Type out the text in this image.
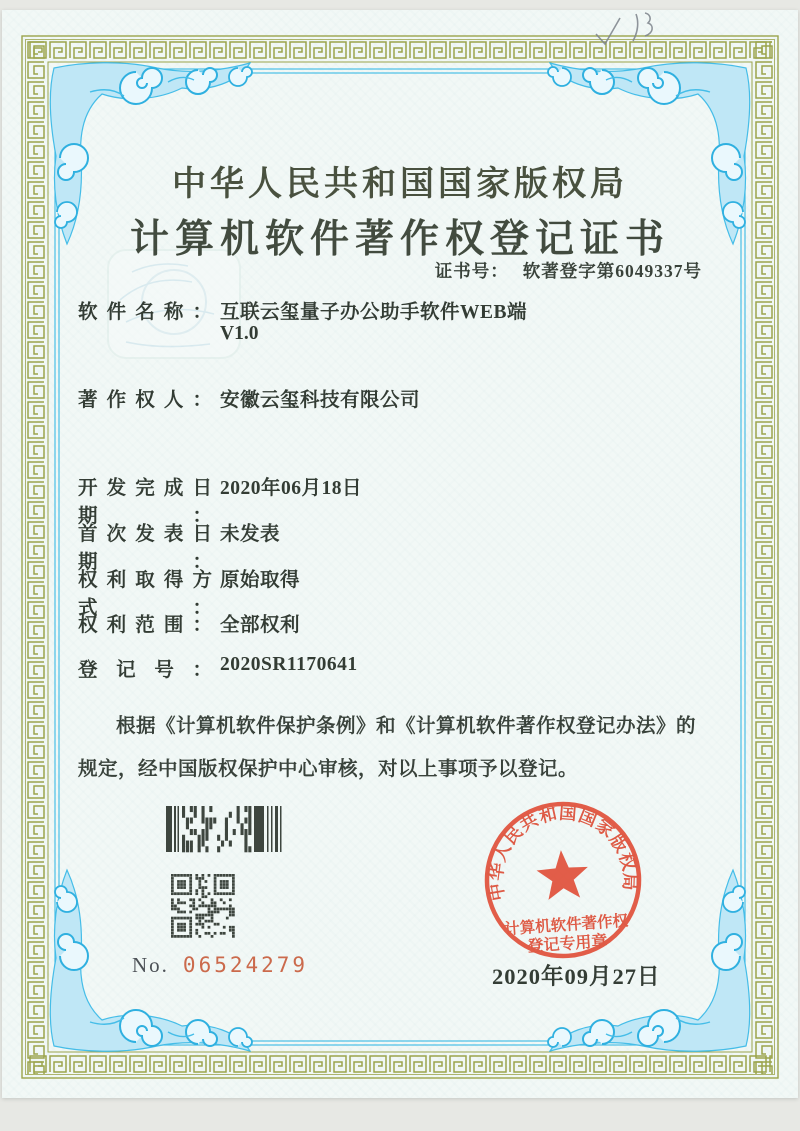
中华人民共和国国家版权局
计算机软件著作权
登记专用章
中华人民共和国国家版权局
计算机软件著作权登记证书
证书号： 软著登字第6049337号
软件名称： 互联云玺量子办公助手软件WEB端
V1.0
著作权人： 安徽云玺科技有限公司
开发完成日期：
2020年06月18日
首次发表日期：
未发表
权利取得方式：
原始取得
权利范围： 全部权利
登记号： 2020SR1170641
根据《计算机软件保护条例》和《计算机软件著作权登记办法》的
规定，经中国版权保护中心审核，对以上事项予以登记。
No. 06524279	2020年09月27日
